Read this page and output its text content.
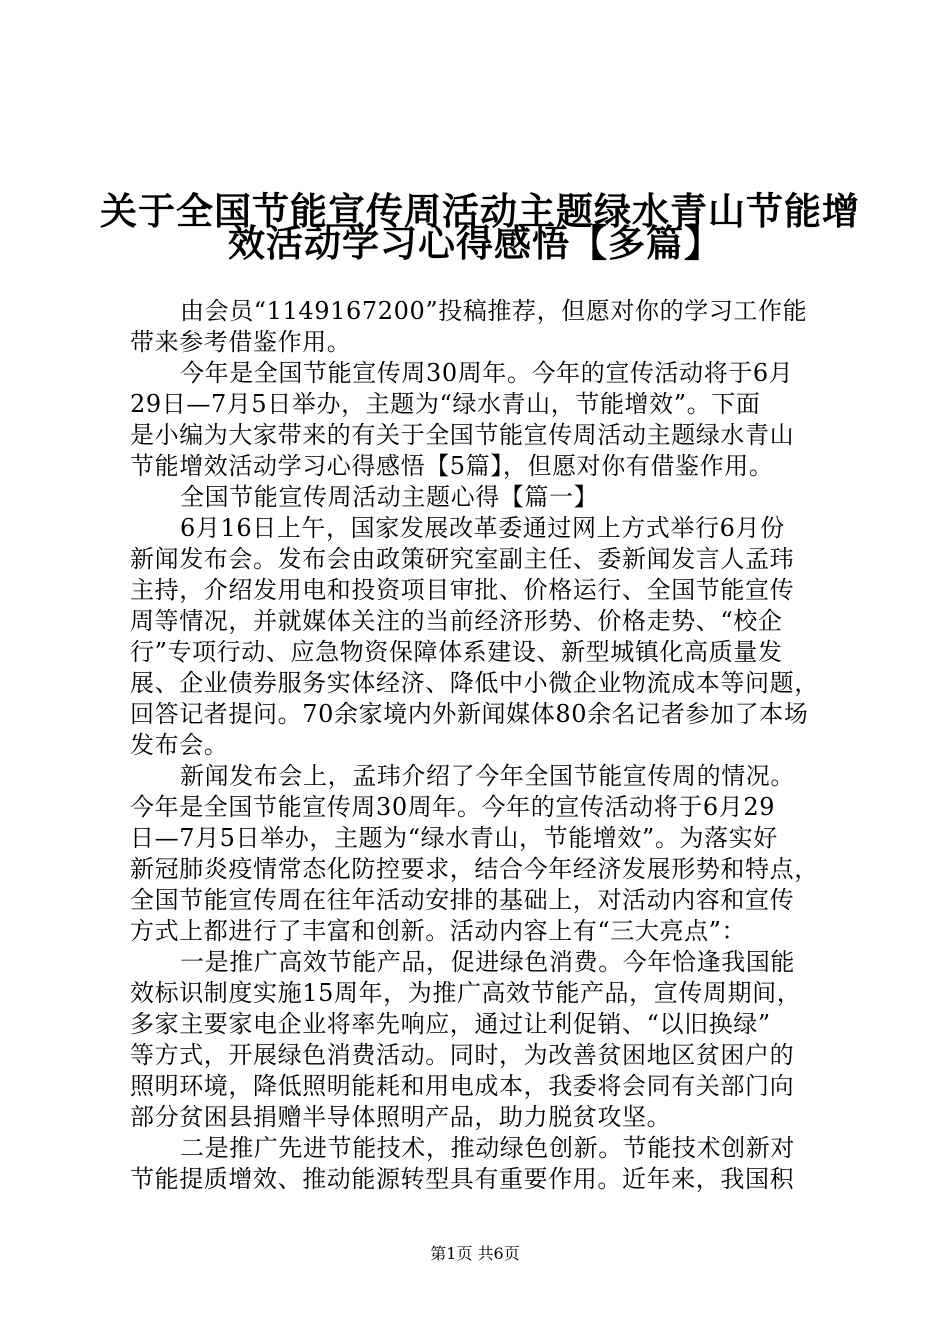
关于全国节能宣传周活动主题绿水青山节能增
效活动学习心得感悟【多篇】
由会员“1149167200”投稿推荐，但愿对你的学习工作能
带来参考借鉴作用。
今年是全国节能宣传周30周年。今年的宣传活动将于6月
29日—7月5日举办，主题为“绿水青山，节能增效”。下面
是小编为大家带来的有关于全国节能宣传周活动主题绿水青山
节能增效活动学习心得感悟【5篇】，但愿对你有借鉴作用。
全国节能宣传周活动主题心得【篇一】
6月16日上午，国家发展改革委通过网上方式举行6月份
新闻发布会。发布会由政策研究室副主任、委新闻发言人孟玮
主持，介绍发用电和投资项目审批、价格运行、全国节能宣传
周等情况，并就媒体关注的当前经济形势、价格走势、“校企
行”专项行动、应急物资保障体系建设、新型城镇化高质量发
展、企业债券服务实体经济、降低中小微企业物流成本等问题，
回答记者提问。70余家境内外新闻媒体80余名记者参加了本场
发布会。
新闻发布会上，孟玮介绍了今年全国节能宣传周的情况。
今年是全国节能宣传周30周年。今年的宣传活动将于6月29
日—7月5日举办，主题为“绿水青山，节能增效”。为落实好
新冠肺炎疫情常态化防控要求，结合今年经济发展形势和特点，
全国节能宣传周在往年活动安排的基础上，对活动内容和宣传
方式上都进行了丰富和创新。活动内容上有“三大亮点”：
一是推广高效节能产品，促进绿色消费。今年恰逢我国能
效标识制度实施15周年，为推广高效节能产品，宣传周期间，
多家主要家电企业将率先响应，通过让利促销、“以旧换绿”
等方式，开展绿色消费活动。同时，为改善贫困地区贫困户的
照明环境，降低照明能耗和用电成本，我委将会同有关部门向
部分贫困县捐赠半导体照明产品，助力脱贫攻坚。
二是推广先进节能技术，推动绿色创新。节能技术创新对
节能提质增效、推动能源转型具有重要作用。近年来，我国积
第1页 共6页
